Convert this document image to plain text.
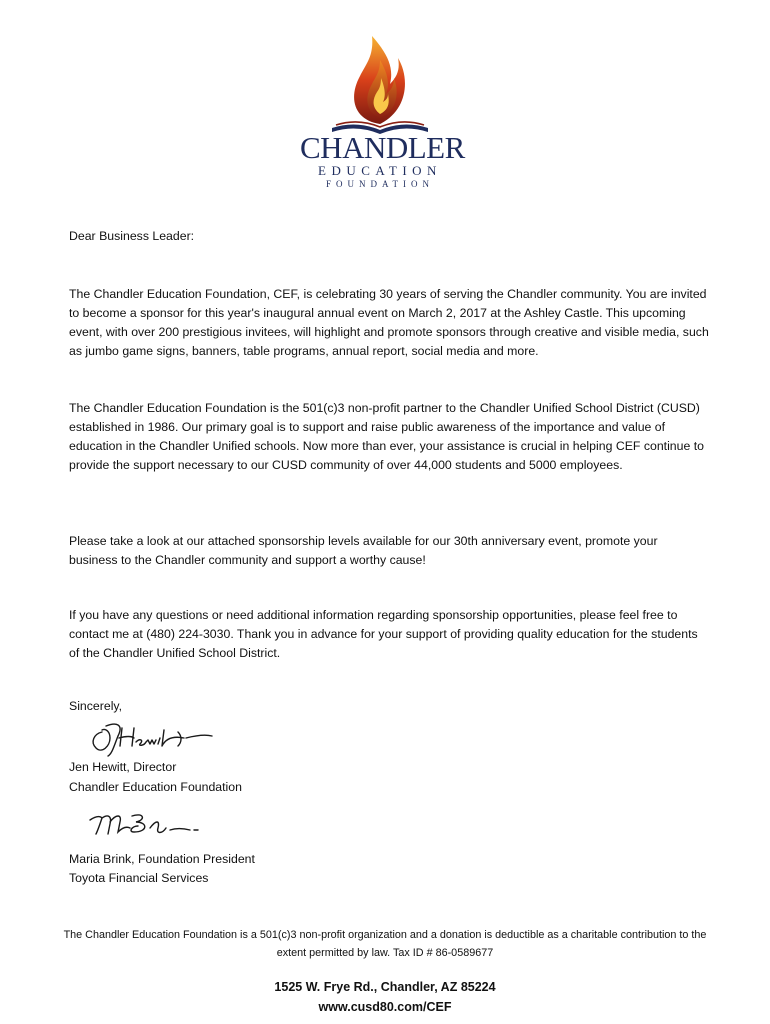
CHANDLER
EDUCATION
FOUNDATION
Dear Business Leader:
The Chandler Education Foundation, CEF, is celebrating 30 years of serving the Chandler community. You are invited to become a sponsor for this year's inaugural annual event on March 2, 2017 at the Ashley Castle. This upcoming event, with over 200 prestigious invitees, will highlight and promote sponsors through creative and visible media, such as jumbo game signs, banners, table programs, annual report, social media and more.
The Chandler Education Foundation is the 501(c)3 non-profit partner to the Chandler Unified School District (CUSD) established in 1986. Our primary goal is to support and raise public awareness of the importance and value of education in the Chandler Unified schools. Now more than ever, your assistance is crucial in helping CEF continue to provide the support necessary to our CUSD community of over 44,000 students and 5000 employees.
Please take a look at our attached sponsorship levels available for our 30th anniversary event, promote your business to the Chandler community and support a worthy cause!
If you have any questions or need additional information regarding sponsorship opportunities, please feel free to contact me at (480) 224-3030. Thank you in advance for your support of providing quality education for the students of the Chandler Unified School District.
Sincerely,
Jen Hewitt, Director
Chandler Education Foundation
Maria Brink, Foundation President
Toyota Financial Services
The Chandler Education Foundation is a 501(c)3 non-profit organization and a donation is deductible as a charitable contribution to the extent permitted by law. Tax ID # 86-0589677
1525 W. Frye Rd., Chandler, AZ 85224
www.cusd80.com/CEF
